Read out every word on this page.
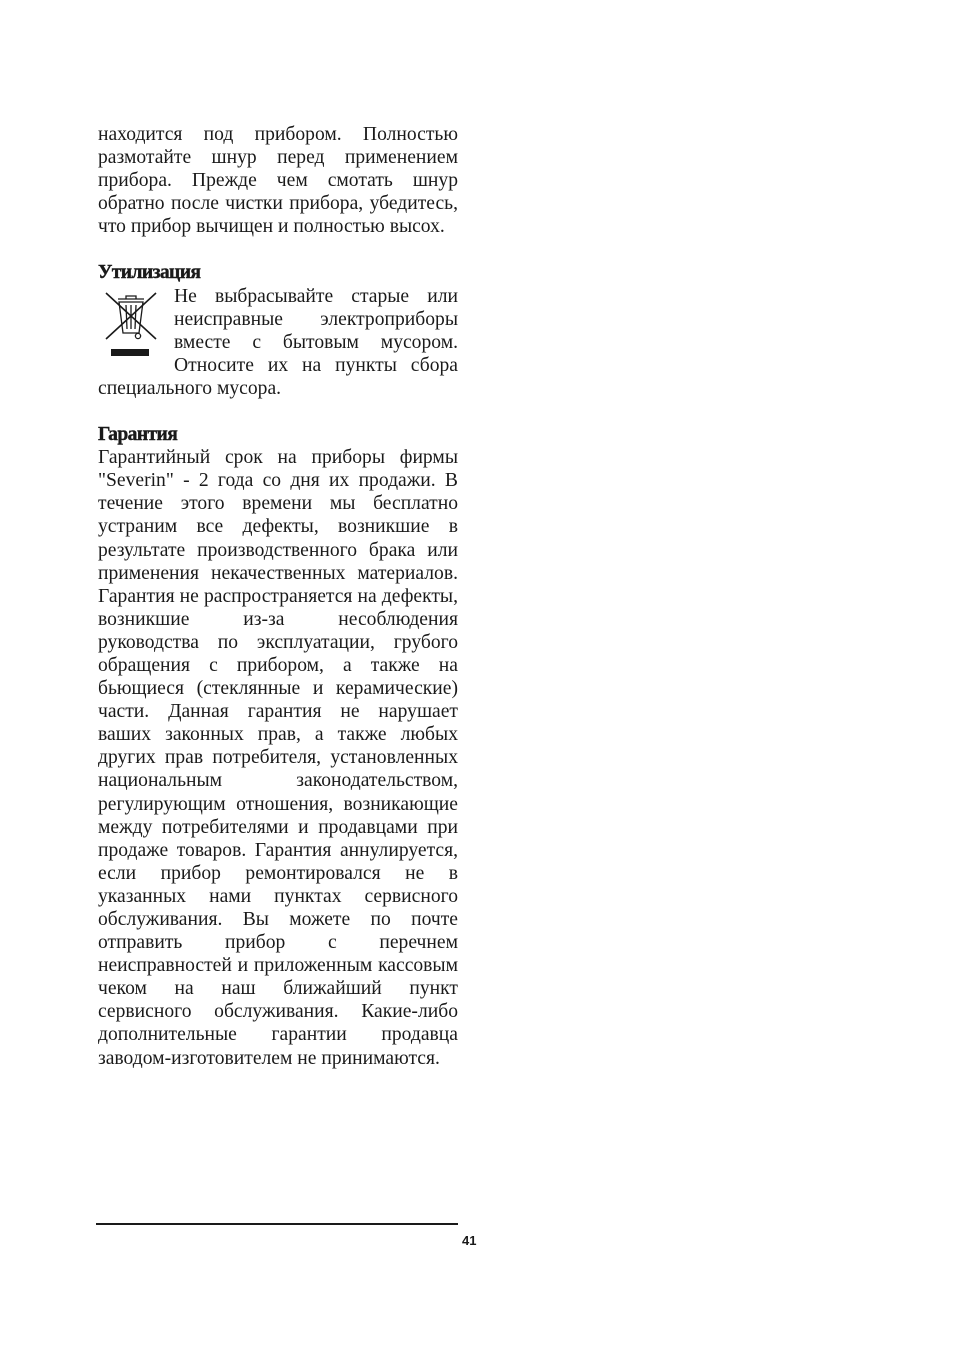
находится под прибором. Полностью размотайте шнур перед применением прибора. Прежде чем смотать шнур обратно после чистки прибора, убедитесь, что прибор вычищен и полностью высох.

Утилизация

Не выбрасывайте старые или неисправные электроприборы вместе с бытовым мусором. Относите их на пункты сбора специального мусора.

Гарантия

Гарантийный срок на приборы фирмы "Severin" - 2 года со дня их продажи. В течение этого времени мы бесплатно устраним все дефекты, возникшие в результате производственного брака или применения некачественных материалов. Гарантия не распространяется на дефекты, возникшие из-за несоблюдения руководства по эксплуатации, грубого обращения с прибором, а также на бьющиеся (стеклянные и керамические) части. Данная гарантия не нарушает ваших законных прав, а также любых других прав потребителя, установленных национальным законодательством, регулирующим отношения, возникающие между потребителями и продавцами при продаже товаров. Гарантия аннулируется, если прибор ремонтировался не в указанных нами пунктах сервисного обслуживания. Вы можете по почте отправить прибор с перечнем неисправностей и приложенным кассовым чеком на наш ближайший пункт сервисного обслуживания. Какие-либо дополнительные гарантии продавца заводом-изготовителем не принимаются.

41
